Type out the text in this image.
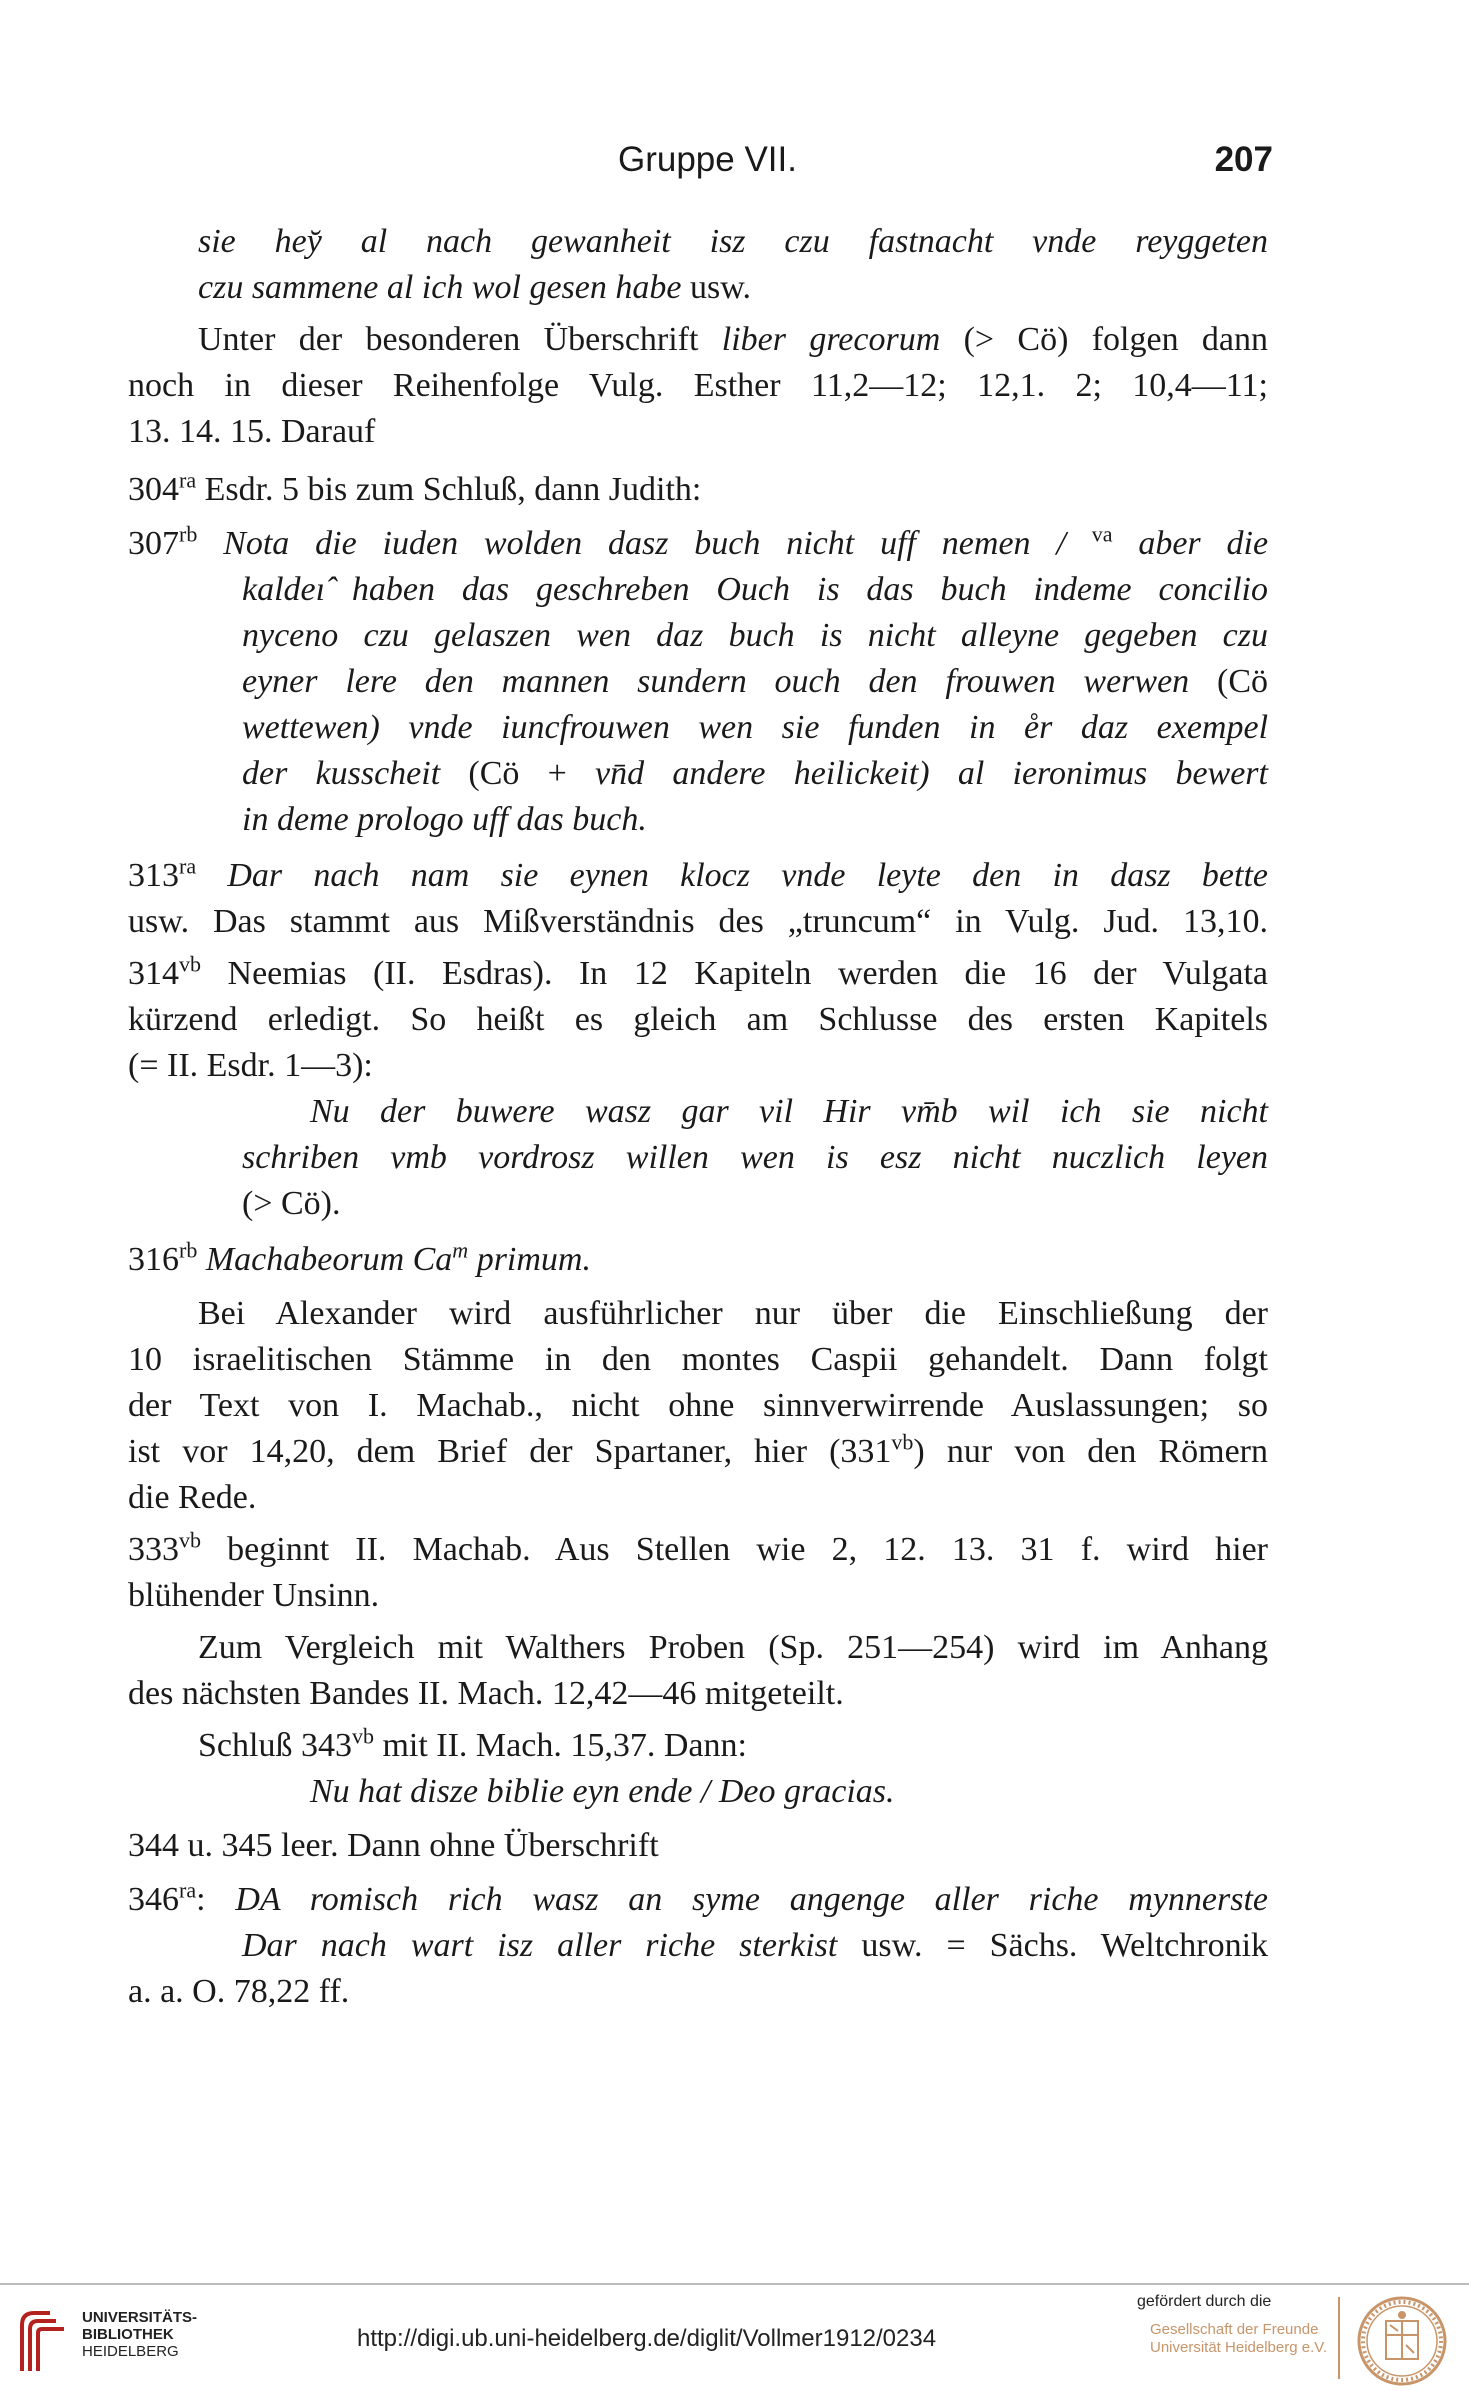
Gruppe VII.	207
sie hey̆ al nach gewanheit isz czu fastnacht vnde reyggeten
czu sammene al ich wol gesen habe usw.
Unter der besonderen Überschrift liber grecorum (> Cö) folgen dann
noch in dieser Reihenfolge Vulg. Esther 11,2—12; 12,1. 2; 10,4—11;
13. 14. 15. Darauf
$304^{ra}$ Esdr. 5 bis zum Schluß, dann Judith:
$307^{rb}$ Nota die iuden wolden dasz buch nicht uff nemen / $^{va}$ aber die
kaldeı̂ haben das geschreben Ouch is das buch indeme concilio
nyceno czu gelaszen wen daz buch is nicht alleyne gegeben czu
eyner lere den mannen sundern ouch den frouwen werwen (Cö
wettewen) vnde iuncfrouwen wen sie funden in e͏̊r daz exempel
der kusscheit (Cö + vn̄d andere heilickeit) al ieronimus bewert
in deme prologo uff das buch.
$313^{ra}$ Dar nach nam sie eynen klocz vnde leyte den in dasz bette
usw. Das stammt aus Mißverständnis des „truncum“ in Vulg. Jud. 13,10.
$314^{vb}$ Neemias (II. Esdras). In 12 Kapiteln werden die 16 der Vulgata
kürzend erledigt. So heißt es gleich am Schlusse des ersten Kapitels
(= II. Esdr. 1—3):
Nu der buwere wasz gar vil Hir vm̄b wil ich sie nicht
schriben vmb vordrosz willen wen is esz nicht nuczlich leyen
(> Cö).
$316^{rb}$ Machabeorum Ca$^m$ primum.
Bei Alexander wird ausführlicher nur über die Einschließung der
10 israelitischen Stämme in den montes Caspii gehandelt. Dann folgt
der Text von I. Machab., nicht ohne sinnverwirrende Auslassungen; so
ist vor 14,20, dem Brief der Spartaner, hier $(331^{vb})$ nur von den Römern
die Rede.
$333^{vb}$ beginnt II. Machab. Aus Stellen wie 2, 12. 13. 31 f. wird hier
blühender Unsinn.
Zum Vergleich mit Walthers Proben (Sp. 251—254) wird im Anhang
des nächsten Bandes II. Mach. 12,42—46 mitgeteilt.
Schluß $343^{vb}$ mit II. Mach. 15,37. Dann:
Nu hat disze biblie eyn ende / Deo gracias.
344 u. 345 leer. Dann ohne Überschrift
$346^{ra}$: DA romisch rich wasz an syme angenge aller riche mynnerste
Dar nach wart isz aller riche sterkist usw. = Sächs. Weltchronik
a. a. O. 78,22 ff.
UNIVERSITÄTS-
BIBLIOTHEK
HEIDELBERG	http://digi.ub.uni-heidelberg.de/diglit/Vollmer1912/0234
gefördert durch die
Gesellschaft der Freunde
Universität Heidelberg e.V.
